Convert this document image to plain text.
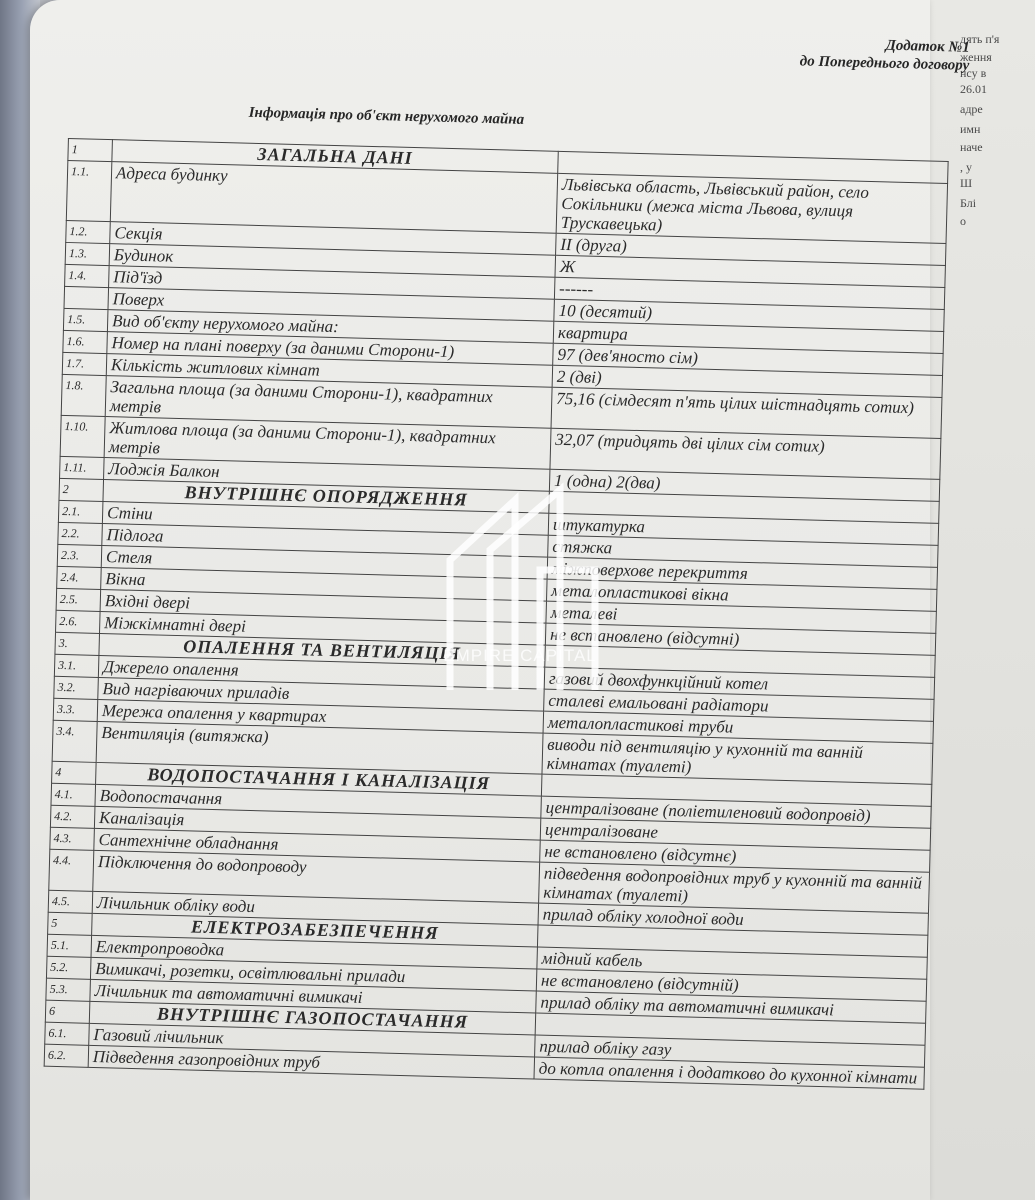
дять п'я
ження
нсу в
26.01
адре
имн
наче
, у
Ш
Блі
о
Додаток №1
до Попереднього договору
Інформація про об'єкт нерухомого майна
1	ЗАГАЛЬНА ДАНІ	
1.1.	Адреса будинку	Львівська область, Львівський район, село Сокільники (межа міста Львова, вулиця Трускавецька)
1.2.	Секція	ІІ (друга)
1.3.	Будинок	Ж
1.4.	Під'їзд	------
	Поверх	10 (десятий)
1.5.	Вид об'єкту нерухомого майна:	квартира
1.6.	Номер на плані поверху (за даними Сторони-1)	97 (дев'яносто сім)
1.7.	Кількість житлових кімнат	2 (дві)
1.8.	Загальна площа (за даними Сторони-1), квадратних метрів	75,16 (сімдесят п'ять цілих шістнадцять сотих)
1.10.	Житлова площа (за даними Сторони-1), квадратних метрів	32,07 (тридцять дві цілих сім сотих)
1.11.	Лоджія Балкон	1 (одна) 2(два)
2	ВНУТРІШНЄ ОПОРЯДЖЕННЯ	
2.1.	Стіни	штукатурка
2.2.	Підлога	стяжка
2.3.	Стеля	міжповерхове перекриття
2.4.	Вікна	металопластикові вікна
2.5.	Вхідні двері	металеві
2.6.	Міжкімнатні двері	не встановлено (відсутні)
3.	ОПАЛЕННЯ ТА ВЕНТИЛЯЦІЯ	
3.1.	Джерело опалення	газовий двохфункційний котел
3.2.	Вид нагріваючих приладів	сталеві емальовані радіатори
3.3.	Мережа опалення у квартирах	металопластикові труби
3.4.	Вентиляція (витяжка)	виводи під вентиляцію у кухонній та ванній кімнатах (туалеті)
4	ВОДОПОСТАЧАННЯ І КАНАЛІЗАЦІЯ	
4.1.	Водопостачання	централізоване (поліетиленовий водопровід)
4.2.	Каналізація	централізоване
4.3.	Сантехнічне обладнання	не встановлено (відсутнє)
4.4.	Підключення до водопроводу	підведення водопровідних труб у кухонній та ванній кімнатах (туалеті)
4.5.	Лічильник обліку води	прилад обліку холодної води
5	ЕЛЕКТРОЗАБЕЗПЕЧЕННЯ	
5.1.	Електропроводка	мідний кабель
5.2.	Вимикачі, розетки, освітлювальні прилади	не встановлено (відсутній)
5.3.	Лічильник та автоматичні вимикачі	прилад обліку та автоматичні вимикачі
6	ВНУТРІШНЄ ГАЗОПОСТАЧАННЯ	
6.1.	Газовий лічильник	прилад обліку газу
6.2.	Підведення газопровідних труб	до котла опалення і додатково до кухонної кімнати
EMPIRE CAPITAL
